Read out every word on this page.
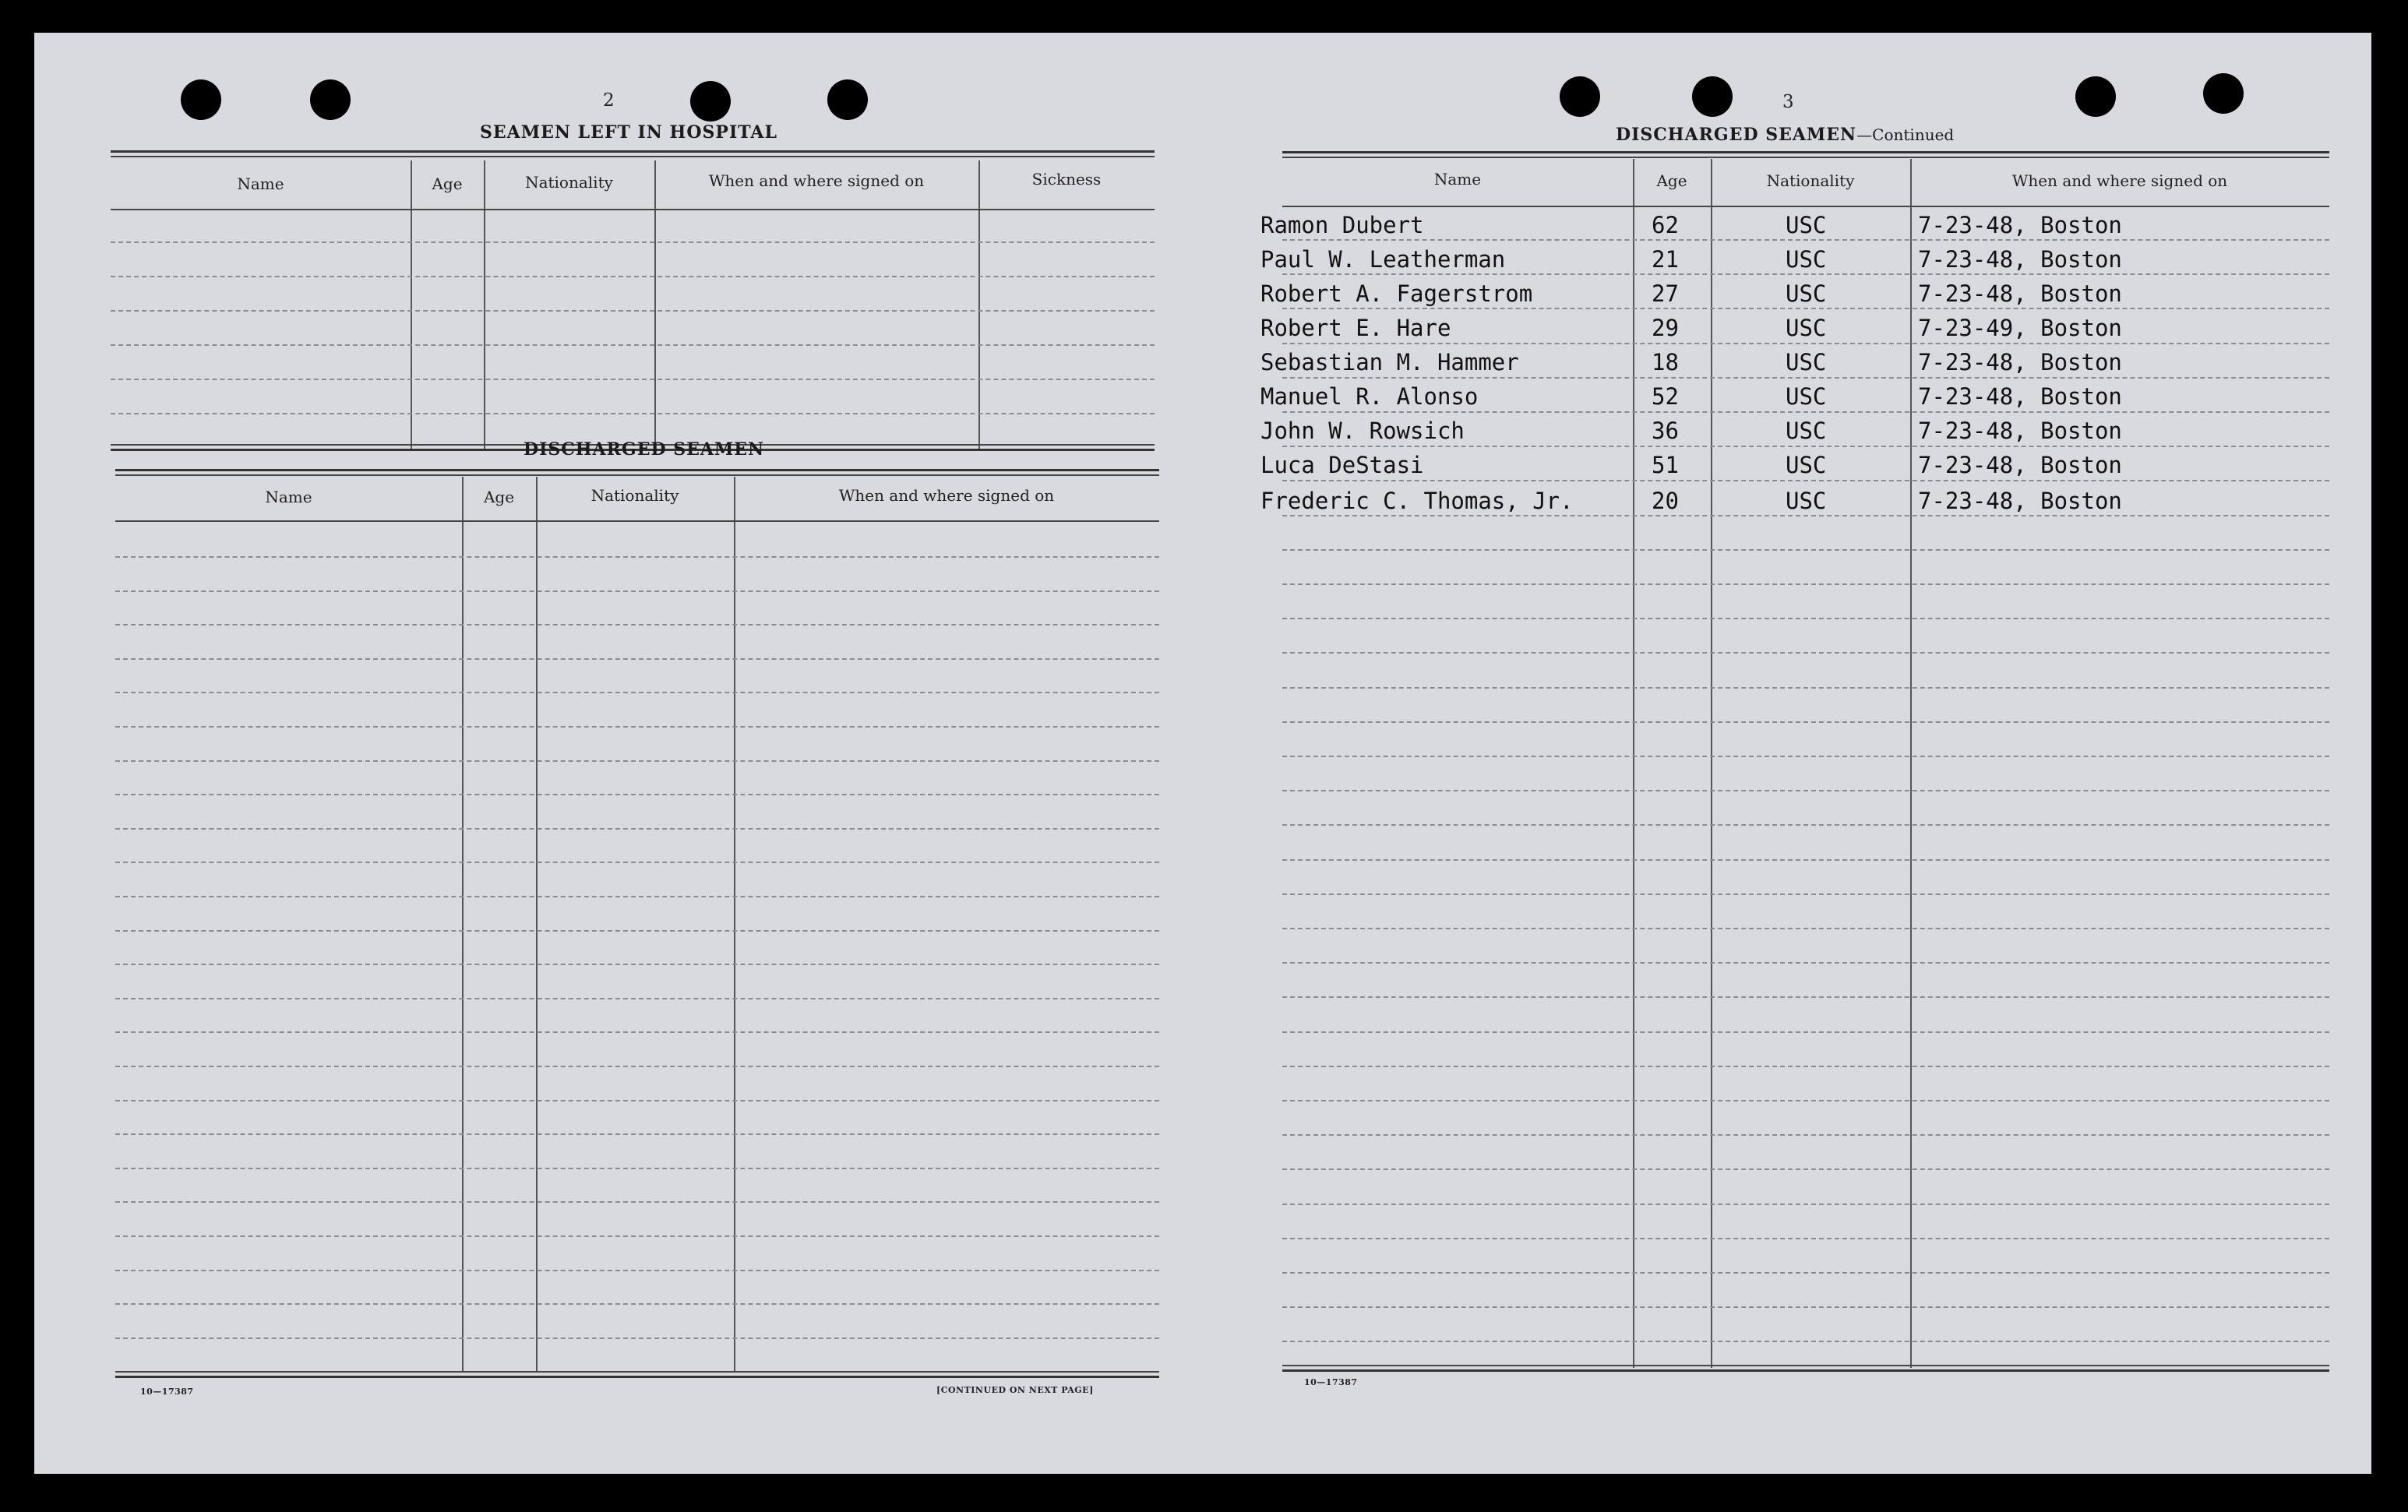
2
SEAMEN LEFT IN HOSPITAL
Name	Age	Nationality	When and where signed on	Sickness
DISCHARGED SEAMEN
Name	Age	Nationality	When and where signed on
10—17387	[CONTINUED ON NEXT PAGE]
3
DISCHARGED SEAMEN—Continued
Name	Age	Nationality	When and where signed on
Ramon Dubert	62	USC	7-23-48, Boston
Paul W. Leatherman	21	USC	7-23-48, Boston
Robert A. Fagerstrom	27	USC	7-23-48, Boston
Robert E. Hare	29	USC	7-23-49, Boston
Sebastian M. Hammer	18	USC	7-23-48, Boston
Manuel R. Alonso	52	USC	7-23-48, Boston
John W. Rowsich	36	USC	7-23-48, Boston
Luca DeStasi	51	USC	7-23-48, Boston
Frederic C. Thomas, Jr.	20	USC	7-23-48, Boston
10—17387
